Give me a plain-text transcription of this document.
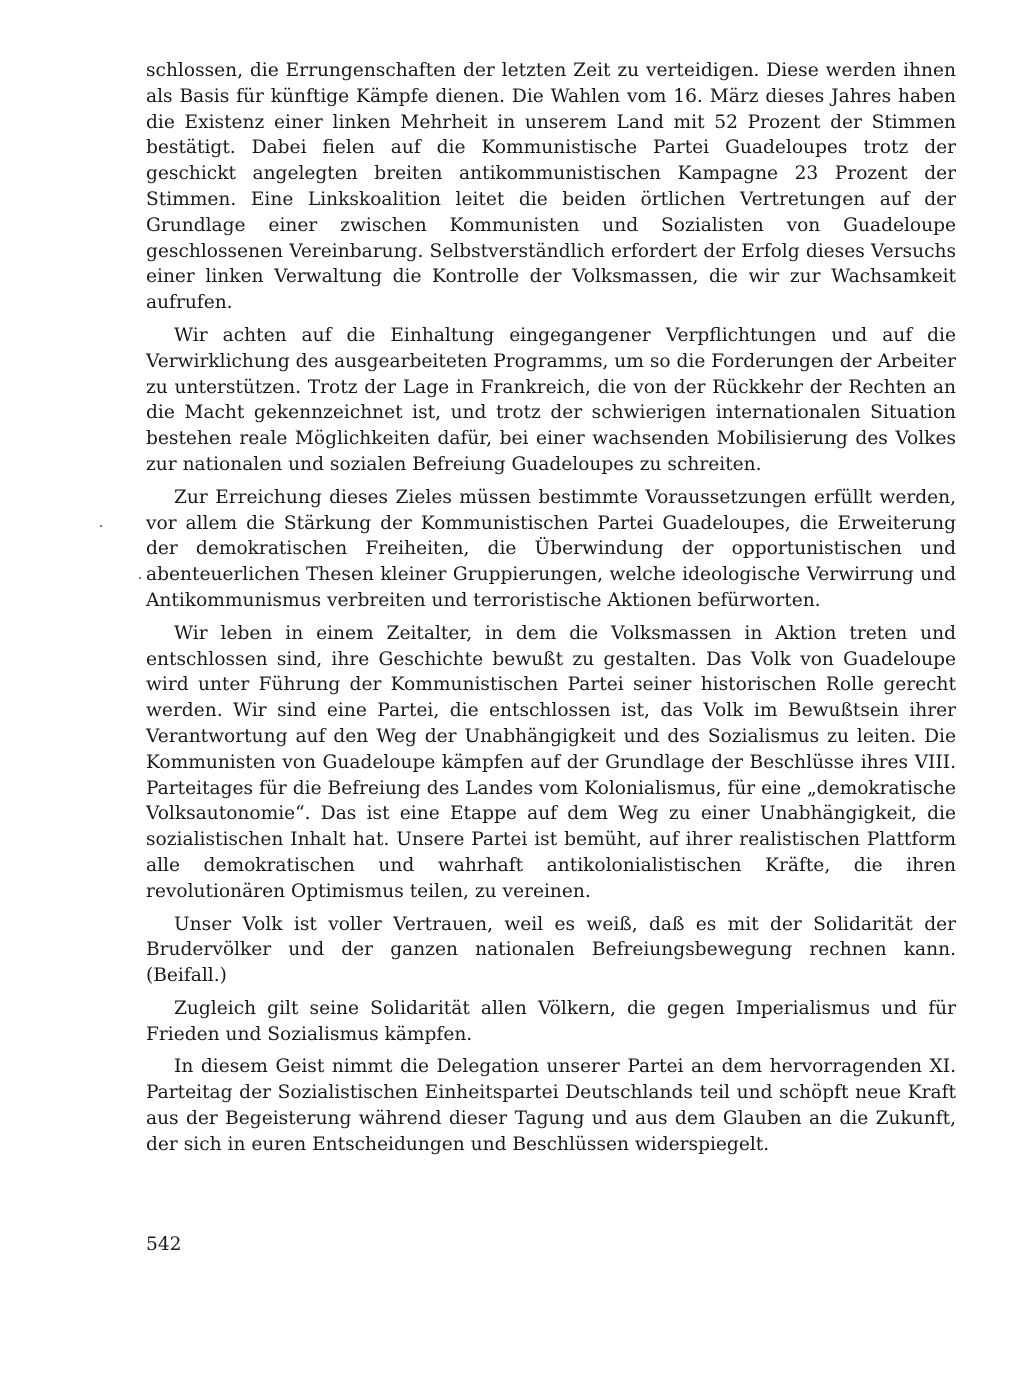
schlossen, die Errungenschaften der letzten Zeit zu verteidigen. Diese werden ihnen als Basis für künftige Kämpfe dienen. Die Wahlen vom 16. März dieses Jahres haben die Existenz einer linken Mehrheit in unserem Land mit 52 Prozent der Stimmen bestätigt. Dabei fielen auf die Kommunistische Partei Guadeloupes trotz der geschickt angelegten breiten antikommunistischen Kampagne 23 Prozent der Stimmen. Eine Linkskoalition leitet die beiden örtlichen Vertretungen auf der Grundlage einer zwischen Kommunisten und Sozialisten von Guadeloupe geschlossenen Vereinbarung. Selbstverständlich erfordert der Erfolg dieses Versuchs einer linken Verwaltung die Kontrolle der Volksmassen, die wir zur Wachsamkeit aufrufen.

Wir achten auf die Einhaltung eingegangener Verpflichtungen und auf die Verwirklichung des ausgearbeiteten Programms, um so die Forderungen der Arbeiter zu unterstützen. Trotz der Lage in Frankreich, die von der Rückkehr der Rechten an die Macht gekennzeichnet ist, und trotz der schwierigen internationalen Situation bestehen reale Möglichkeiten dafür, bei einer wachsenden Mobilisierung des Volkes zur nationalen und sozialen Befreiung Guadeloupes zu schreiten.

Zur Erreichung dieses Zieles müssen bestimmte Voraussetzungen erfüllt werden, vor allem die Stärkung der Kommunistischen Partei Guadeloupes, die Erweiterung der demokratischen Freiheiten, die Überwindung der opportunistischen und abenteuerlichen Thesen kleiner Gruppierungen, welche ideologische Verwirrung und Antikommunismus verbreiten und terroristische Aktionen befürworten.

Wir leben in einem Zeitalter, in dem die Volksmassen in Aktion treten und entschlossen sind, ihre Geschichte bewußt zu gestalten. Das Volk von Guadeloupe wird unter Führung der Kommunistischen Partei seiner historischen Rolle gerecht werden. Wir sind eine Partei, die entschlossen ist, das Volk im Bewußtsein ihrer Verantwortung auf den Weg der Unabhängigkeit und des Sozialismus zu leiten. Die Kommunisten von Guadeloupe kämpfen auf der Grundlage der Beschlüsse ihres VIII. Parteitages für die Befreiung des Landes vom Kolonialismus, für eine „demokratische Volksautonomie“. Das ist eine Etappe auf dem Weg zu einer Unabhängigkeit, die sozialistischen Inhalt hat. Unsere Partei ist bemüht, auf ihrer realistischen Plattform alle demokratischen und wahrhaft antikolonialistischen Kräfte, die ihren revolutionären Optimismus teilen, zu vereinen.

Unser Volk ist voller Vertrauen, weil es weiß, daß es mit der Solidarität der Brudervölker und der ganzen nationalen Befreiungsbewegung rechnen kann. (Beifall.)

Zugleich gilt seine Solidarität allen Völkern, die gegen Imperialismus und für Frieden und Sozialismus kämpfen.

In diesem Geist nimmt die Delegation unserer Partei an dem hervorragenden XI. Parteitag der Sozialistischen Einheitspartei Deutschlands teil und schöpft neue Kraft aus der Begeisterung während dieser Tagung und aus dem Glauben an die Zukunft, der sich in euren Entscheidungen und Beschlüssen widerspiegelt.

542
